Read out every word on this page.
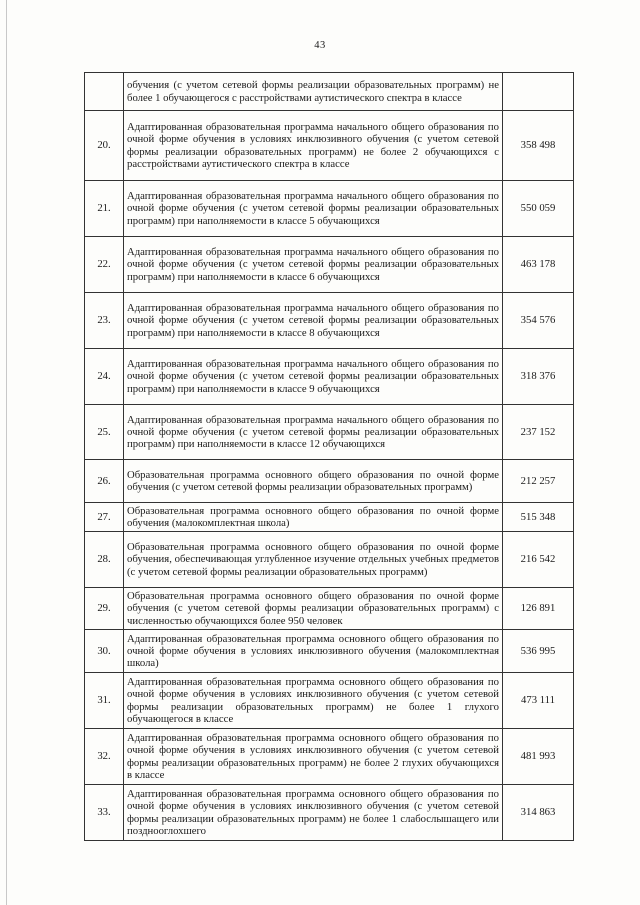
43
	обучения (с учетом сетевой формы реализации образовательных программ) не более 1 обучающегося с расстройствами аутистического спектра в классе	
20.	Адаптированная образовательная программа начального общего образования по очной форме обучения в условиях инклюзивного обучения (с учетом сетевой формы реализации образовательных программ) не более 2 обучающихся с расстройствами аутистического спектра в классе	358 498
21.	Адаптированная образовательная программа начального общего образования по очной форме обучения (с учетом сетевой формы реализации образовательных программ) при наполняемости в классе 5 обучающихся	550 059
22.	Адаптированная образовательная программа начального общего образования по очной форме обучения (с учетом сетевой формы реализации образовательных программ) при наполняемости в классе 6 обучающихся	463 178
23.	Адаптированная образовательная программа начального общего образования по очной форме обучения (с учетом сетевой формы реализации образовательных программ) при наполняемости в классе 8 обучающихся	354 576
24.	Адаптированная образовательная программа начального общего образования по очной форме обучения (с учетом сетевой формы реализации образовательных программ) при наполняемости в классе 9 обучающихся	318 376
25.	Адаптированная образовательная программа начального общего образования по очной форме обучения (с учетом сетевой формы реализации образовательных программ) при наполняемости в классе 12 обучающихся	237 152
26.	Образовательная программа основного общего образования по очной форме обучения (с учетом сетевой формы реализации образовательных программ)	212 257
27.	Образовательная программа основного общего образования по очной форме обучения (малокомплектная школа)	515 348
28.	Образовательная программа основного общего образования по очной форме обучения, обеспечивающая углубленное изучение отдельных учебных предметов (с учетом сетевой формы реализации образовательных программ)	216 542
29.	Образовательная программа основного общего образования по очной форме обучения (с учетом сетевой формы реализации образовательных программ) с численностью обучающихся более 950 человек	126 891
30.	Адаптированная образовательная программа основного общего образования по очной форме обучения в условиях инклюзивного обучения (малокомплектная школа)	536 995
31.	Адаптированная образовательная программа основного общего образования по очной форме обучения в условиях инклюзивного обучения (с учетом сетевой формы реализации образовательных программ) не более 1 глухого обучающегося в классе	473 111
32.	Адаптированная образовательная программа основного общего образования по очной форме обучения в условиях инклюзивного обучения (с учетом сетевой формы реализации образовательных программ) не более 2 глухих обучающихся в классе	481 993
33.	Адаптированная образовательная программа основного общего образования по очной форме обучения в условиях инклюзивного обучения (с учетом сетевой формы реализации образовательных программ) не более 1 слабослышащего или позднооглохшего	314 863
